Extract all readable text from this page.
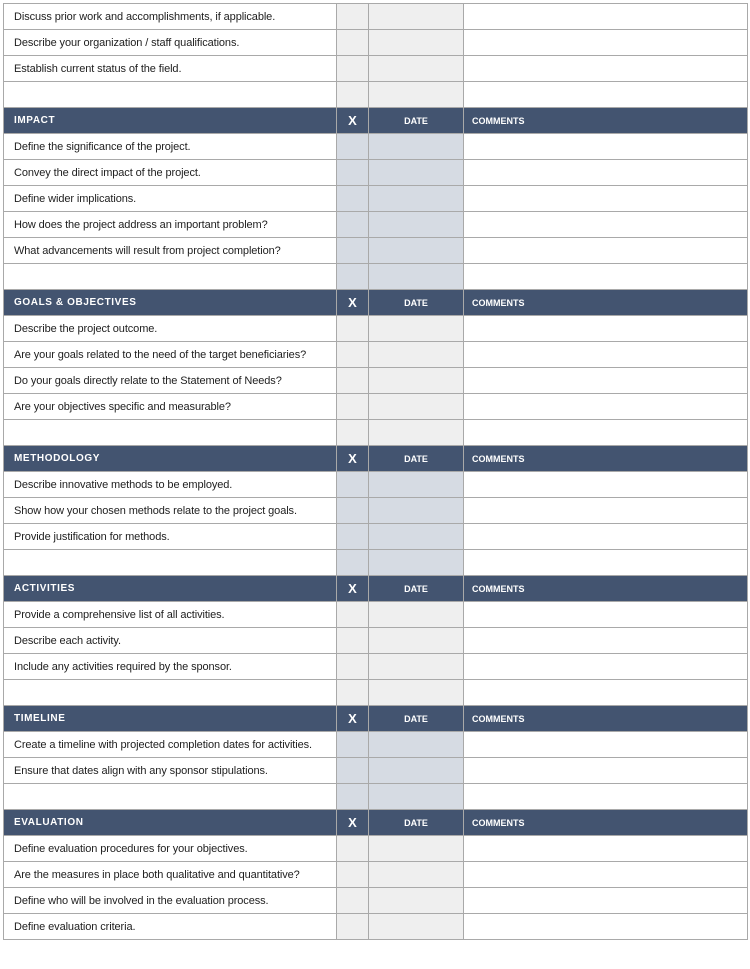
Discuss prior work and accomplishments, if applicable.
Describe your organization / staff qualifications.
Establish current status of the field.
IMPACT	X	DATE	COMMENTS
Define the significance of the project.
Convey the direct impact of the project.
Define wider implications.
How does the project address an important problem?
What advancements will result from project completion?
GOALS & OBJECTIVES	X	DATE	COMMENTS
Describe the project outcome.
Are your goals related to the need of the target beneficiaries?
Do your goals directly relate to the Statement of Needs?
Are your objectives specific and measurable?
METHODOLOGY	X	DATE	COMMENTS
Describe innovative methods to be employed.
Show how your chosen methods relate to the project goals.
Provide justification for methods.
ACTIVITIES	X	DATE	COMMENTS
Provide a comprehensive list of all activities.
Describe each activity.
Include any activities required by the sponsor.
TIMELINE	X	DATE	COMMENTS
Create a timeline with projected completion dates for activities.
Ensure that dates align with any sponsor stipulations.
EVALUATION	X	DATE	COMMENTS
Define evaluation procedures for your objectives.
Are the measures in place both qualitative and quantitative?
Define who will be involved in the evaluation process.
Define evaluation criteria.
